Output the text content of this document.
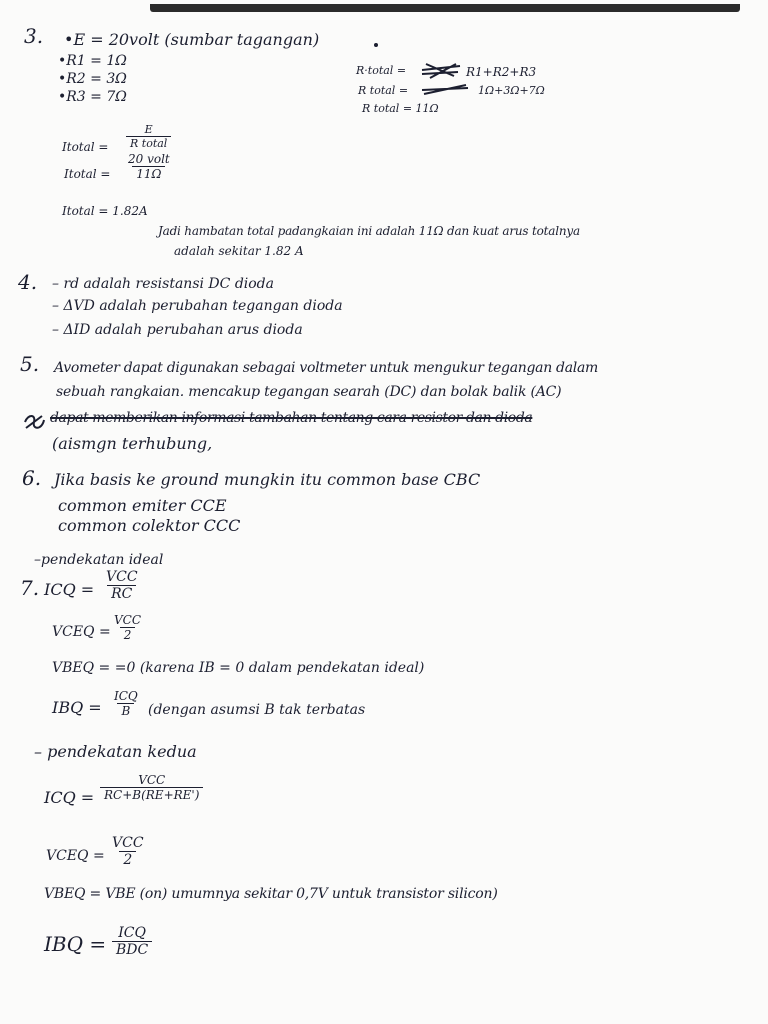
3. •E = 20volt (sumbar tagangan)
•R1 = 1Ω
•R2 = 3Ω
•R3 = 7Ω
R·total =	R1+R2+R3
R total =	1Ω+3Ω+7Ω
R total = 11Ω
Itotal =
E
R total
Itotal =
20 volt
11Ω
Itotal = 1.82A
Jadi hambatan total padangkaian ini adalah 11Ω dan kuat arus totalnya
adalah sekitar 1.82 A
4. – rd adalah resistansi DC dioda
– ΔVD adalah perubahan tegangan dioda
– ΔID adalah perubahan arus dioda
5. Avometer dapat digunakan sebagai voltmeter untuk mengukur tegangan dalam
sebuah rangkaian. mencakup tegangan searah (DC) dan bolak balik (AC)
dapat memberikan informasi tambahan tentang cara resistor dan dioda
(aismgn terhubung,
6. Jika basis ke ground mungkin itu common base CBC
common emiter CCE
common colektor CCC
–pendekatan ideal
7. ICQ =
VCC
RC
VCEQ =
VCC
2
VBEQ = =0 (karena IB = 0 dalam pendekatan ideal)
IBQ =
ICQ
B (dengan asumsi B tak terbatas
– pendekatan kedua
ICQ =
VCC
RC+B(RE+RE')
VCEQ =
VCC
2
VBEQ = VBE (on) umumnya sekitar 0,7V untuk transistor silicon)
IBQ = ICQ
BDC
